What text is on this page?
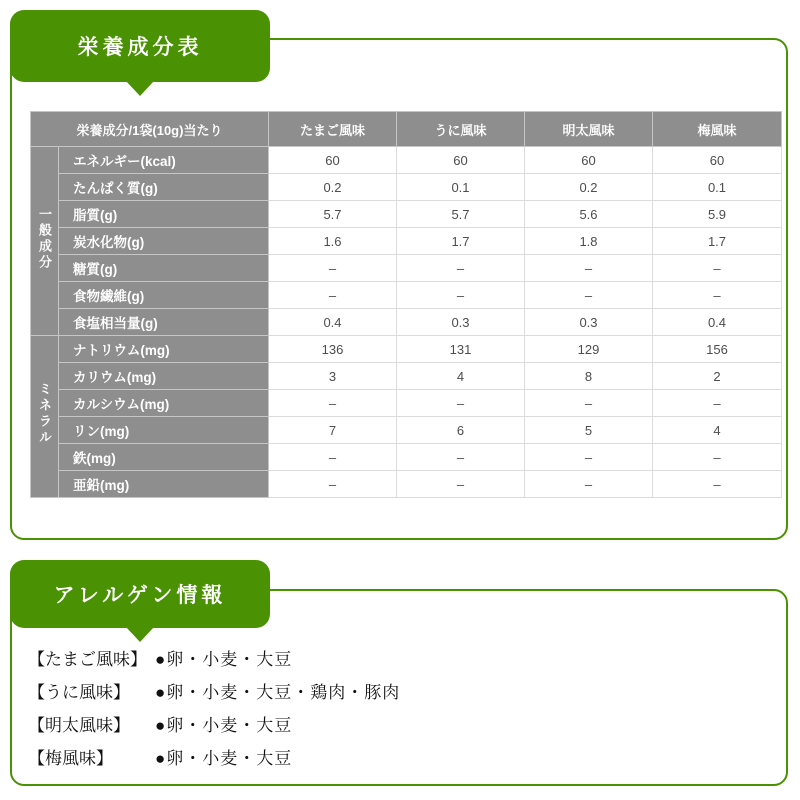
栄養成分表
栄養成分/1袋(10g)当たり		たまご風味	うに風味	明太風味	梅風味
一般成分	エネルギー(kcal)	60	60	60	60
	たんぱく質(g)	0.2	0.1	0.2	0.1
	脂質(g)	5.7	5.7	5.6	5.9
	炭水化物(g)	1.6	1.7	1.8	1.7
	糖質(g)	–	–	–	–
	食物繊維(g)	–	–	–	–
	食塩相当量(g)	0.4	0.3	0.3	0.4
ミネラル	ナトリウム(mg)	136	131	129	156
	カリウム(mg)	3	4	8	2
	カルシウム(mg)	–	–	–	–
	リン(mg)	7	6	5	4
	鉄(mg)	–	–	–	–
	亜鉛(mg)	–	–	–	–
アレルゲン情報
【たまご風味】 ●卵・小麦・大豆
【うに風味】	●卵・小麦・大豆・鶏肉・豚肉
【明太風味】	●卵・小麦・大豆
【梅風味】	●卵・小麦・大豆
